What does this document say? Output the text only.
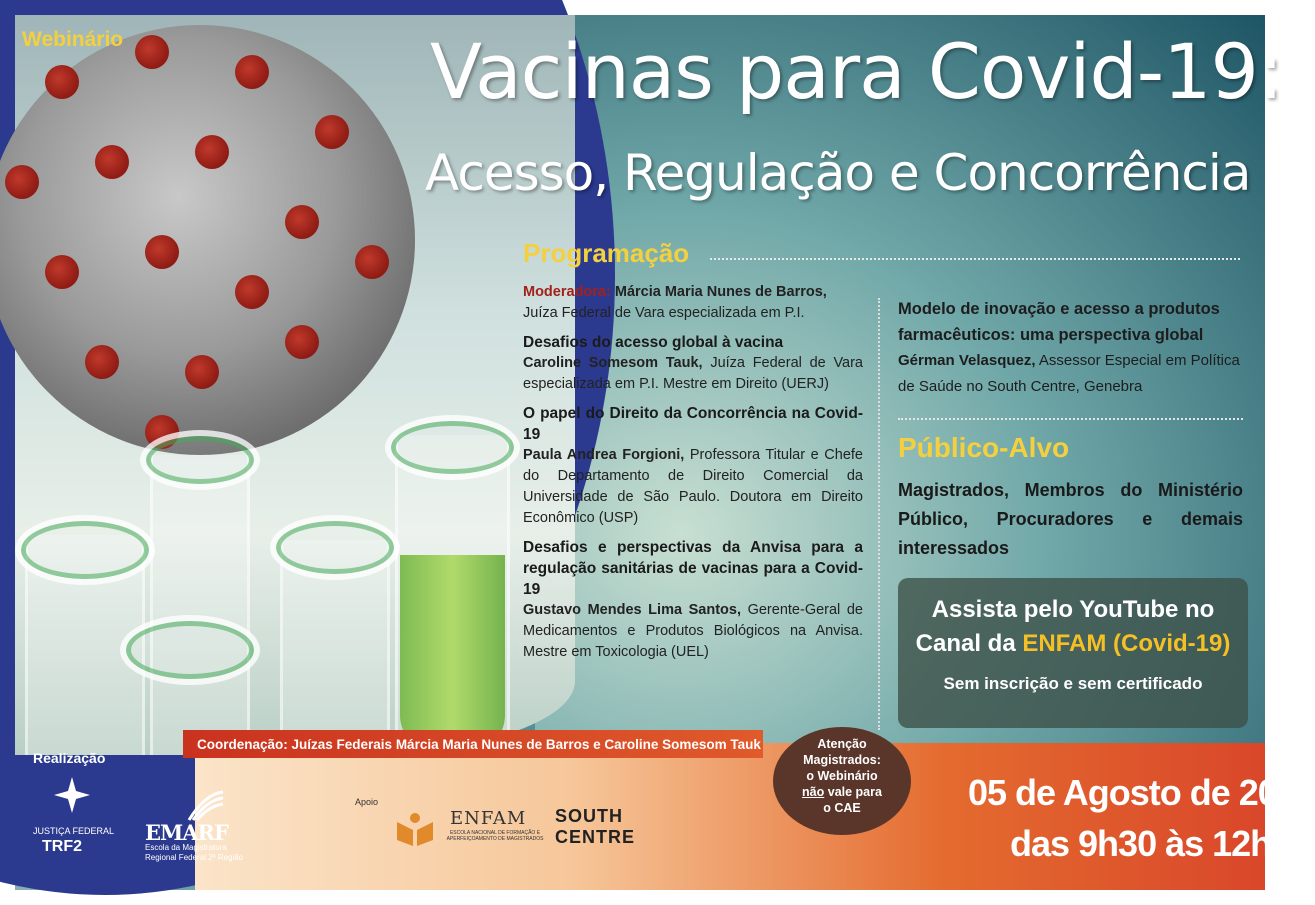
Webinário	Vacinas para Covid-19:
Acesso, Regulação e Concorrência
Programação

Moderadora: Márcia Maria Nunes de Barros,
Juíza Federal de Vara especializada em P.I.

Desafios do acesso global à vacina

Caroline Somesom Tauk, Juíza Federal de Vara especializada em P.I. Mestre em Direito (UERJ)

O papel do Direito da Concorrência na Covid-19

Paula Andrea Forgioni, Professora Titular e Chefe do Departamento de Direito Comercial da Universidade de São Paulo. Doutora em Direito Econômico (USP)

Desafios e perspectivas da Anvisa para a regulação sanitárias de vacinas para a Covid-19

Gustavo Mendes Lima Santos, Gerente-Geral de Medicamentos e Produtos Biológicos na Anvisa. Mestre em Toxicologia (UEL)

Modelo de inovação e acesso a produtos farmacêuticos: uma perspectiva global

Gérman Velasquez, Assessor Especial em Política de Saúde no South Centre, Genebra

Público-Alvo
Magistrados, Membros do Ministério Público, Procuradores e demais interessados
Assista pelo YouTube no
Canal da ENFAM (Covid-19)
Sem inscrição e sem certificado
Coordenação: Juízas Federais Márcia Maria Nunes de Barros e Caroline Somesom Tauk	Atenção
Magistrados:
o Webinário
não vale para
o CAE
Realização
JUSTIÇA FEDERAL
TRF2
EMARF
Escola da Magistratura Regional Federal 2ª Região
Apoio
ENFAM
ESCOLA NACIONAL DE FORMAÇÃO E APERFEIÇOAMENTO DE MAGISTRADOS
SOUTH
CENTRE
05 de Agosto de 2020
das 9h30 às 12h
